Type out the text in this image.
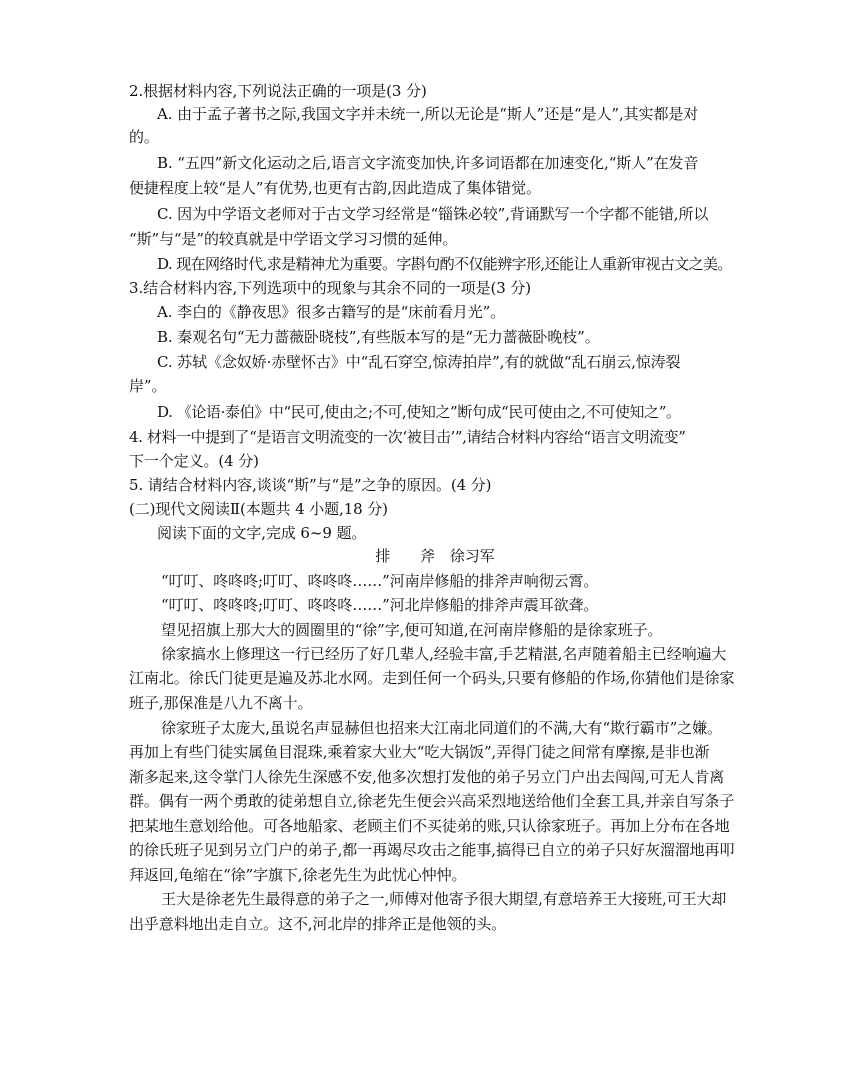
2.根据材料内容,下列说法正确的一项是(3 分)
A. 由于孟子著书之际,我国文字并未统一,所以无论是“斯人”还是“是人”,其实都是对
的。
B. “五四”新文化运动之后,语言文字流变加快,许多词语都在加速变化,“斯人”在发音
便捷程度上较“是人”有优势,也更有古韵,因此造成了集体错觉。
C. 因为中学语文老师对于古文学习经常是“锱铢必较”,背诵默写一个字都不能错,所以
“斯”与“是”的较真就是中学语文学习习惯的延伸。
D. 现在网络时代,求是精神尤为重要。字斟句酌不仅能辨字形,还能让人重新审视古文之美。
3.结合材料内容,下列选项中的现象与其余不同的一项是(3 分)
A. 李白的《静夜思》很多古籍写的是“床前看月光”。
B. 秦观名句“无力蔷薇卧晓枝”,有些版本写的是“无力蔷薇卧晚枝”。
C. 苏轼《念奴娇·赤壁怀古》中“乱石穿空,惊涛拍岸”,有的就做“乱石崩云,惊涛裂
岸”。
D. 《论语·泰伯》中“民可,使由之;不可,使知之”断句成“民可使由之,不可使知之”。
4. 材料一中提到了“是语言文明流变的一次‘被目击’”,请结合材料内容给“语言文明流变”
下一个定义。(4 分)
5. 请结合材料内容,谈谈“斯”与“是”之争的原因。(4 分)
(二)现代文阅读Ⅱ(本题共 4 小题,18 分)
阅读下面的文字,完成 6~9 题。
排　　斧　徐习军
“叮叮、咚咚咚;叮叮、咚咚咚……”河南岸修船的排斧声响彻云霄。
“叮叮、咚咚咚;叮叮、咚咚咚……”河北岸修船的排斧声震耳欲聋。
望见招旗上那大大的圆圈里的“徐”字,便可知道,在河南岸修船的是徐家班子。
徐家搞水上修理这一行已经历了好几辈人,经验丰富,手艺精湛,名声随着船主已经响遍大
江南北。徐氏门徒更是遍及苏北水网。走到任何一个码头,只要有修船的作场,你猜他们是徐家
班子,那保准是八九不离十。
徐家班子太庞大,虽说名声显赫但也招来大江南北同道们的不满,大有“欺行霸市”之嫌。
再加上有些门徒实属鱼目混珠,乘着家大业大“吃大锅饭”,弄得门徒之间常有摩擦,是非也渐
渐多起来,这令掌门人徐先生深感不安,他多次想打发他的弟子另立门户出去闯闯,可无人肯离
群。偶有一两个勇敢的徒弟想自立,徐老先生便会兴高采烈地送给他们全套工具,并亲自写条子
把某地生意划给他。可各地船家、老顾主们不买徒弟的账,只认徐家班子。再加上分布在各地
的徐氏班子见到另立门户的弟子,都一再竭尽攻击之能事,搞得已自立的弟子只好灰溜溜地再叩
拜返回,龟缩在“徐”字旗下,徐老先生为此忧心忡忡。
王大是徐老先生最得意的弟子之一,师傅对他寄予很大期望,有意培养王大接班,可王大却
出乎意料地出走自立。这不,河北岸的排斧正是他领的头。
